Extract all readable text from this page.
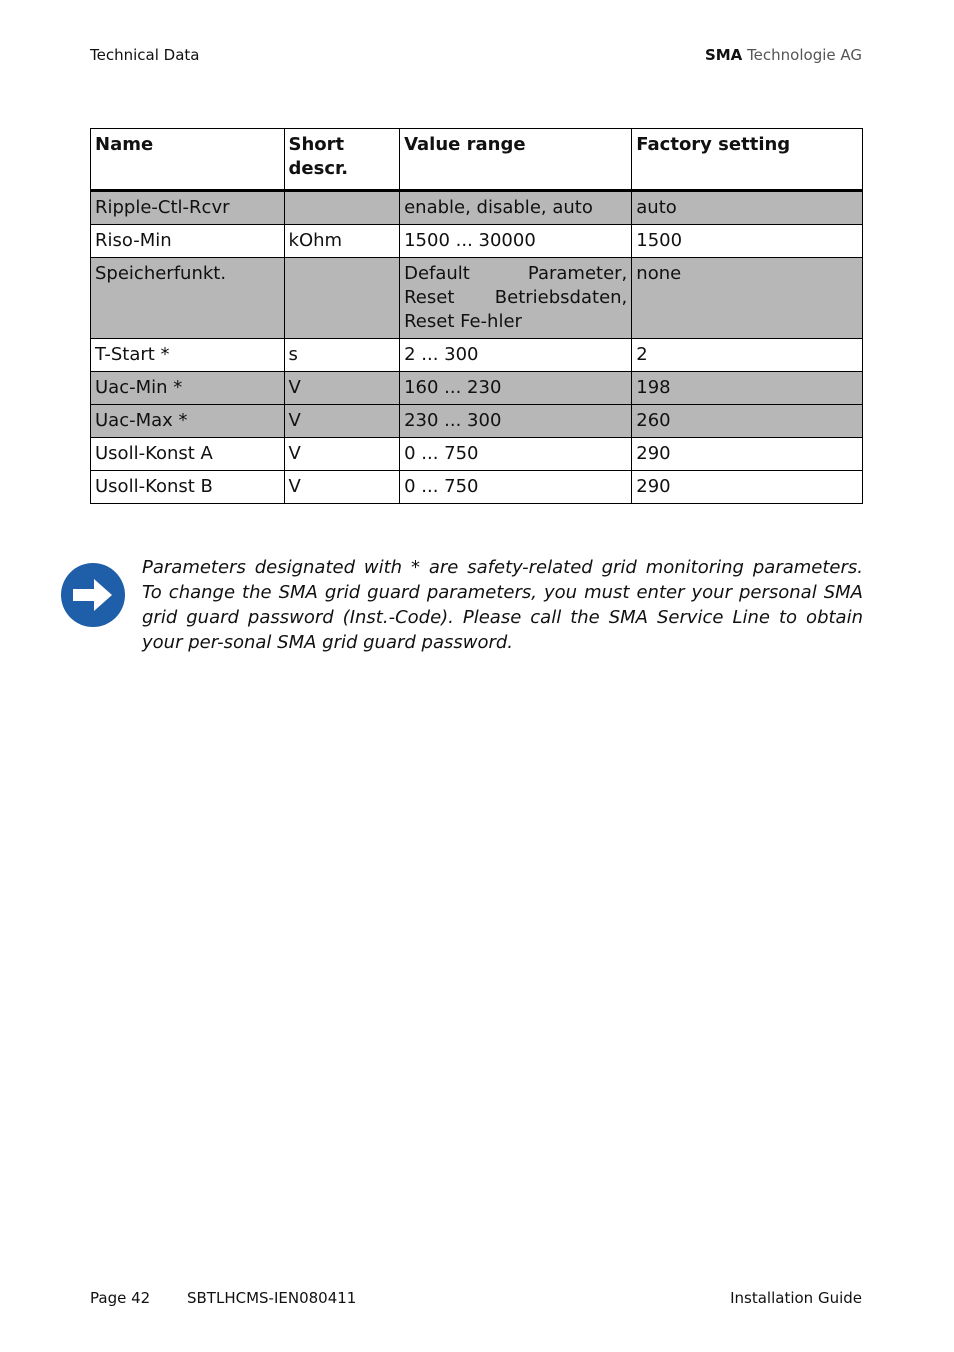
Technical Data	SMA Technologie AG
Name	Short descr.	Value range	Factory setting
Ripple-Ctl-Rcvr		enable, disable, auto	auto
Riso-Min	kOhm	1500 ... 30000	1500
Speicherfunkt.		Default Parameter, Reset Betriebsdaten, Reset Fe-hler	none
T-Start *	s	2 ... 300	2
Uac-Min *	V	160 ... 230	198
Uac-Max *	V	230 ... 300	260
Usoll-Konst A	V	0 ... 750	290
Usoll-Konst B	V	0 ... 750	290
Parameters designated with * are safety-related grid monitoring parameters. To change the SMA grid guard parameters, you must enter your personal SMA grid guard password (Inst.-Code). Please call the SMA Service Line to obtain your per-sonal SMA grid guard password.
Page 42 SBTLHCMS-IEN080411	Installation Guide
